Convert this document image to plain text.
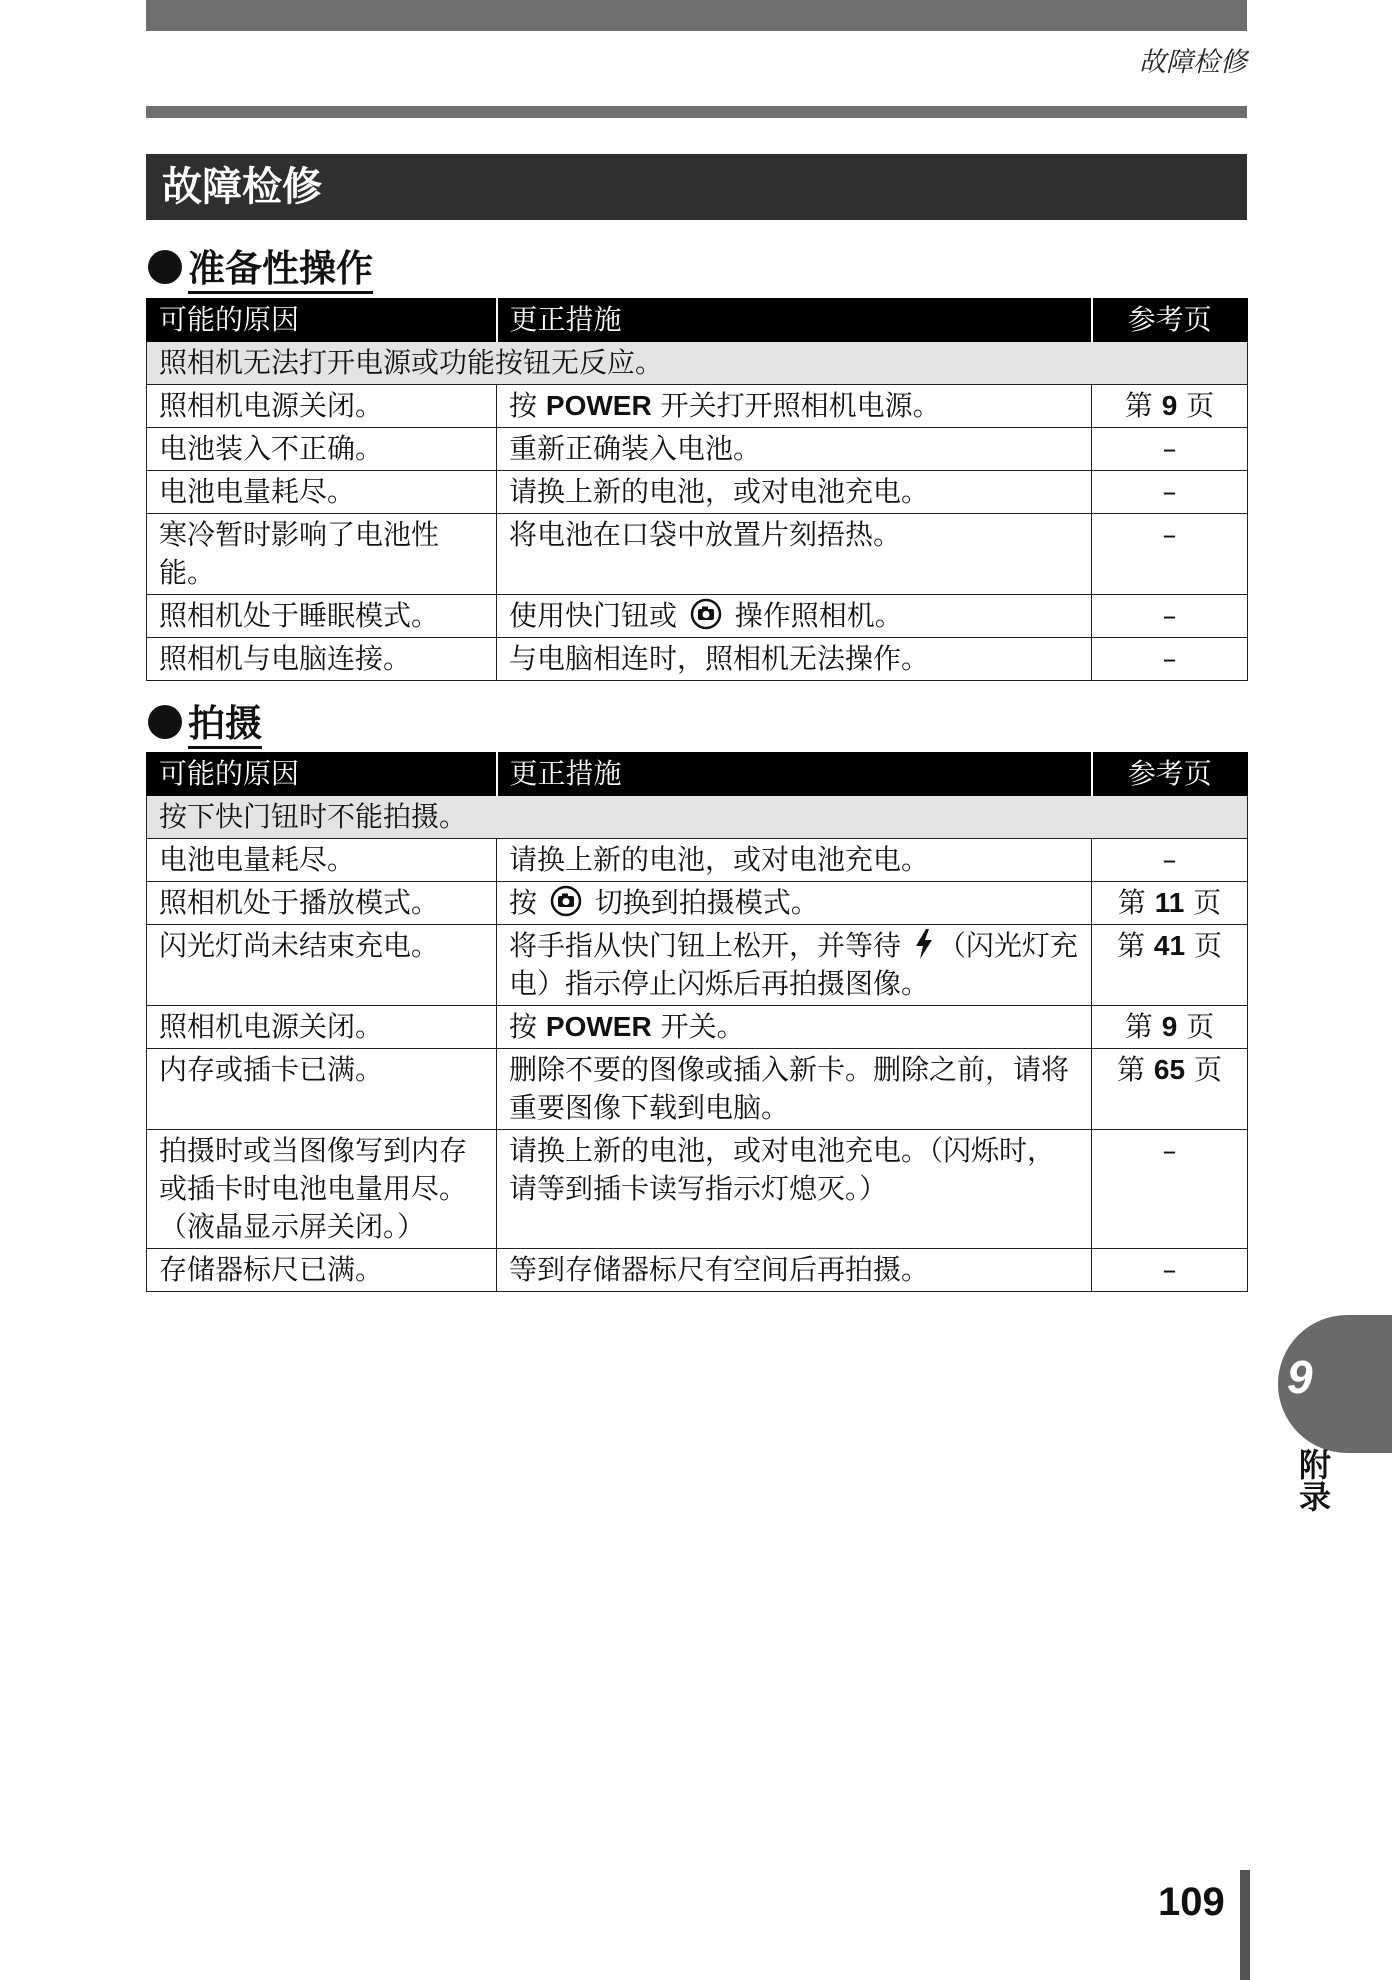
故障检修
故障检修
准备性操作
可能的原因	更正措施	参考页
照相机无法打开电源或功能按钮无反应。		
照相机电源关闭。	按 POWER 开关打开照相机电源。	第 9 页
电池装入不正确。	重新正确装入电池。	–
电池电量耗尽。	请换上新的电池，或对电池充电。	–
寒冷暂时影响了电池性能。	将电池在口袋中放置片刻捂热。	–
照相机处于睡眠模式。	使用快门钮或  操作照相机。	–
照相机与电脑连接。	与电脑相连时，照相机无法操作。	–
拍摄
可能的原因	更正措施	参考页
按下快门钮时不能拍摄。		
电池电量耗尽。	请换上新的电池，或对电池充电。	–
照相机处于播放模式。	按  切换到拍摄模式。	第 11 页
闪光灯尚未结束充电。	将手指从快门钮上松开，并等待 （闪光灯充电）指示停止闪烁后再拍摄图像。	第 41 页
照相机电源关闭。	按 POWER 开关。	第 9 页
内存或插卡已满。	删除不要的图像或插入新卡。删除之前，请将重要图像下载到电脑。	第 65 页
拍摄时或当图像写到内存或插卡时电池电量用尽。（液晶显示屏关闭。）	请换上新的电池，或对电池充电。（闪烁时，请等到插卡读写指示灯熄灭。）	–
存储器标尺已满。	等到存储器标尺有空间后再拍摄。	–
9
附录
109
